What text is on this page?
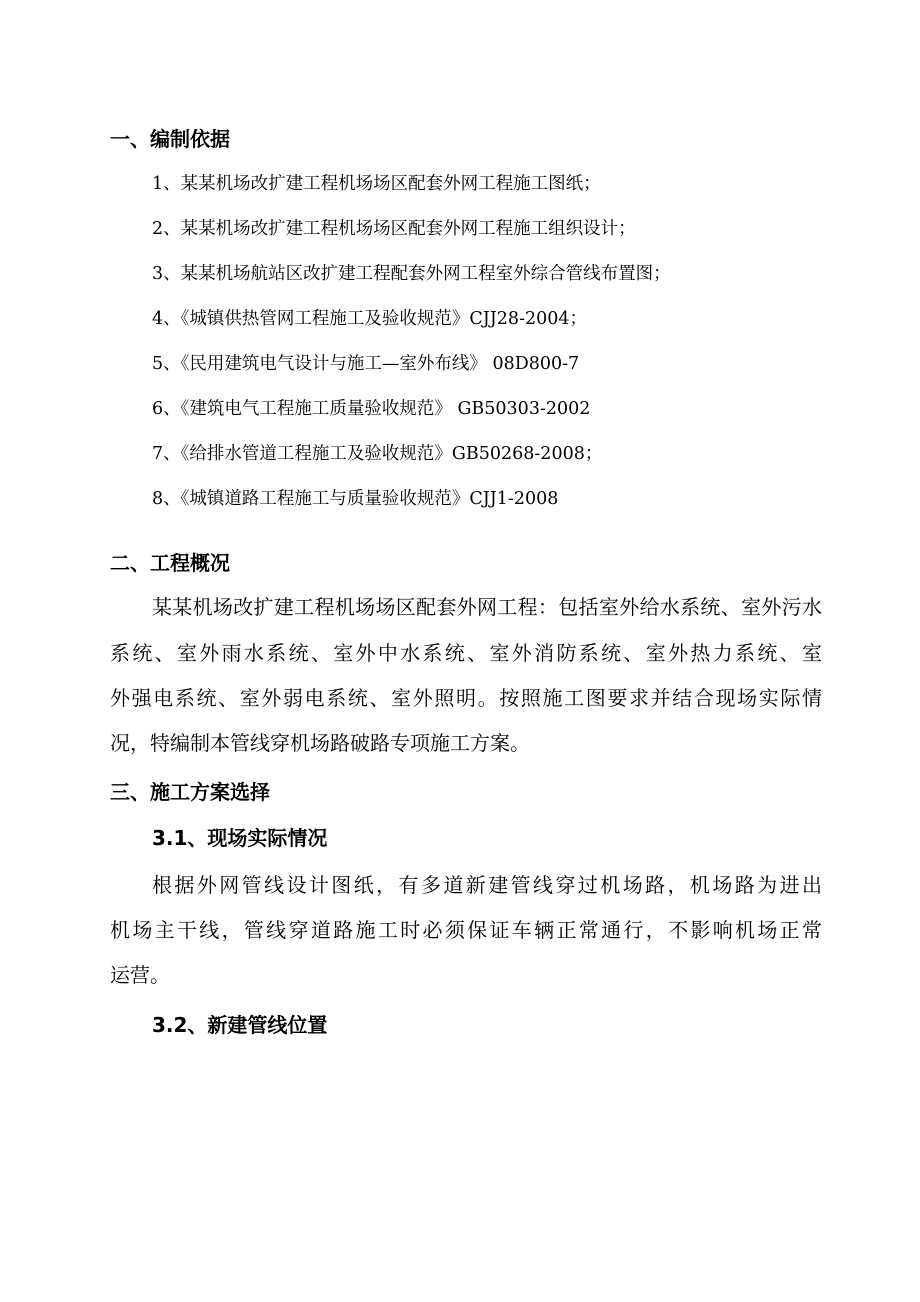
一、编制依据
1、某某机场改扩建工程机场场区配套外网工程施工图纸；
2、某某机场改扩建工程机场场区配套外网工程施工组织设计；
3、某某机场航站区改扩建工程配套外网工程室外综合管线布置图；
4、《城镇供热管网工程施工及验收规范》CJJ28-2004；
5、《民用建筑电气设计与施工—室外布线》 08D800-7
6、《建筑电气工程施工质量验收规范》 GB50303-2002
7、《给排水管道工程施工及验收规范》GB50268-2008；
8、《城镇道路工程施工与质量验收规范》CJJ1-2008
二、工程概况
某某机场改扩建工程机场场区配套外网工程：包括室外给水系统、室外污水
系统、室外雨水系统、室外中水系统、室外消防系统、室外热力系统、室
外强电系统、室外弱电系统、室外照明。按照施工图要求并结合现场实际情
况，特编制本管线穿机场路破路专项施工方案。
三、施工方案选择
3.1、现场实际情况
根据外网管线设计图纸，有多道新建管线穿过机场路，机场路为进出
机场主干线，管线穿道路施工时必须保证车辆正常通行，不影响机场正常
运营。
3.2、新建管线位置
